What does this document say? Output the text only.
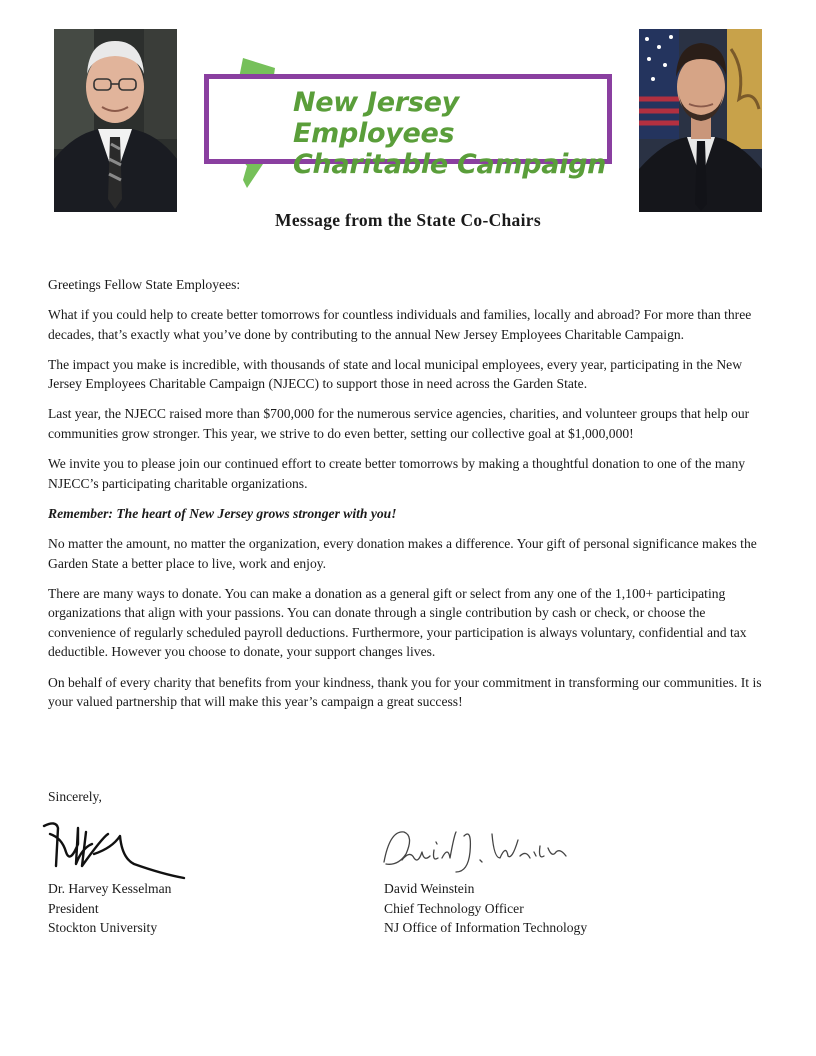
New Jersey Employees
Charitable Campaign
Message from the State Co-Chairs

Greetings Fellow State Employees:

What if you could help to create better tomorrows for countless individuals and families, locally and abroad? For more than three decades, that’s exactly what you’ve done by contributing to the annual New Jersey Employees Charitable Campaign.

The impact you make is incredible, with thousands of state and local municipal employees, every year, participating in the New Jersey Employees Charitable Campaign (NJECC) to support those in need across the Garden State.

Last year, the NJECC raised more than $700,000 for the numerous service agencies, charities, and volunteer groups that help our communities grow stronger. This year, we strive to do even better, setting our collective goal at $1,000,000!

We invite you to please join our continued effort to create better tomorrows by making a thoughtful donation to one of the many NJECC’s participating charitable organizations.

Remember: The heart of New Jersey grows stronger with you!

No matter the amount, no matter the organization, every donation makes a difference. Your gift of personal significance makes the Garden State a better place to live, work and enjoy.

There are many ways to donate. You can make a donation as a general gift or select from any one of the 1,100+ participating organizations that align with your passions. You can donate through a single contribution by cash or check, or choose the convenience of regularly scheduled payroll deductions. Furthermore, your participation is always voluntary, confidential and tax deductible. However you choose to donate, your support changes lives.

On behalf of every charity that benefits from your kindness, thank you for your commitment in transforming our communities. It is your valued partnership that will make this year’s campaign a great success!

Sincerely,
Dr. Harvey Kesselman
President
Stockton University
David Weinstein
Chief Technology Officer
NJ Office of Information Technology
